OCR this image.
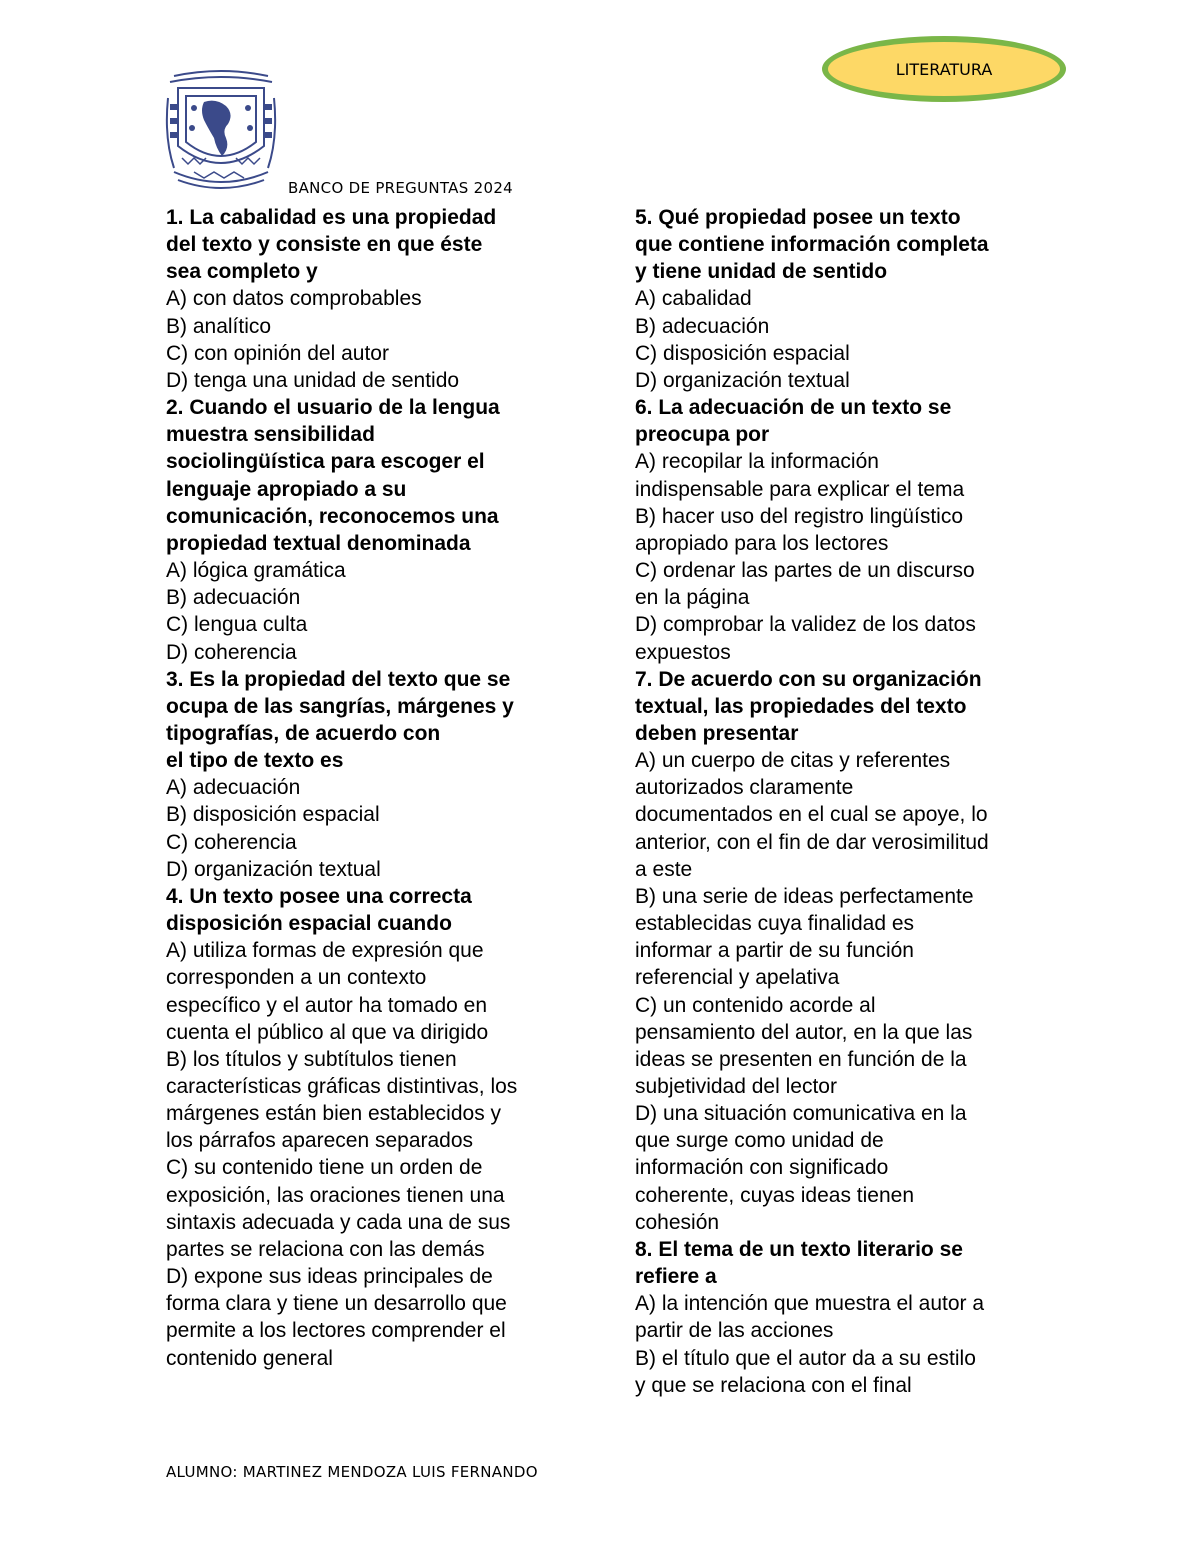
LITERATURA
BANCO DE PREGUNTAS 2024
1. La cabalidad es una propiedad
del texto y consiste en que éste
sea completo y
A) con datos comprobables
B) analítico
C) con opinión del autor
D) tenga una unidad de sentido
2. Cuando el usuario de la lengua
muestra sensibilidad
sociolingüística para escoger el
lenguaje apropiado a su
comunicación, reconocemos una
propiedad textual denominada
A) lógica gramática
B) adecuación
C) lengua culta
D) coherencia
3. Es la propiedad del texto que se
ocupa de las sangrías, márgenes y
tipografías, de acuerdo con
el tipo de texto es
A) adecuación
B) disposición espacial
C) coherencia
D) organización textual
4. Un texto posee una correcta
disposición espacial cuando
A) utiliza formas de expresión que
corresponden a un contexto
específico y el autor ha tomado en
cuenta el público al que va dirigido
B) los títulos y subtítulos tienen
características gráficas distintivas, los
márgenes están bien establecidos y
los párrafos aparecen separados
C) su contenido tiene un orden de
exposición, las oraciones tienen una
sintaxis adecuada y cada una de sus
partes se relaciona con las demás
D) expone sus ideas principales de
forma clara y tiene un desarrollo que
permite a los lectores comprender el
contenido general
5. Qué propiedad posee un texto
que contiene información completa
y tiene unidad de sentido
A) cabalidad
B) adecuación
C) disposición espacial
D) organización textual
6. La adecuación de un texto se
preocupa por
A) recopilar la información
indispensable para explicar el tema
B) hacer uso del registro lingüístico
apropiado para los lectores
C) ordenar las partes de un discurso
en la página
D) comprobar la validez de los datos
expuestos
7. De acuerdo con su organización
textual, las propiedades del texto
deben presentar
A) un cuerpo de citas y referentes
autorizados claramente
documentados en el cual se apoye, lo
anterior, con el fin de dar verosimilitud
a este
B) una serie de ideas perfectamente
establecidas cuya finalidad es
informar a partir de su función
referencial y apelativa
C) un contenido acorde al
pensamiento del autor, en la que las
ideas se presenten en función de la
subjetividad del lector
D) una situación comunicativa en la
que surge como unidad de
información con significado
coherente, cuyas ideas tienen
cohesión
8. El tema de un texto literario se
refiere a
A) la intención que muestra el autor a
partir de las acciones
B) el título que el autor da a su estilo
y que se relaciona con el final
ALUMNO: MARTINEZ MENDOZA LUIS FERNANDO
